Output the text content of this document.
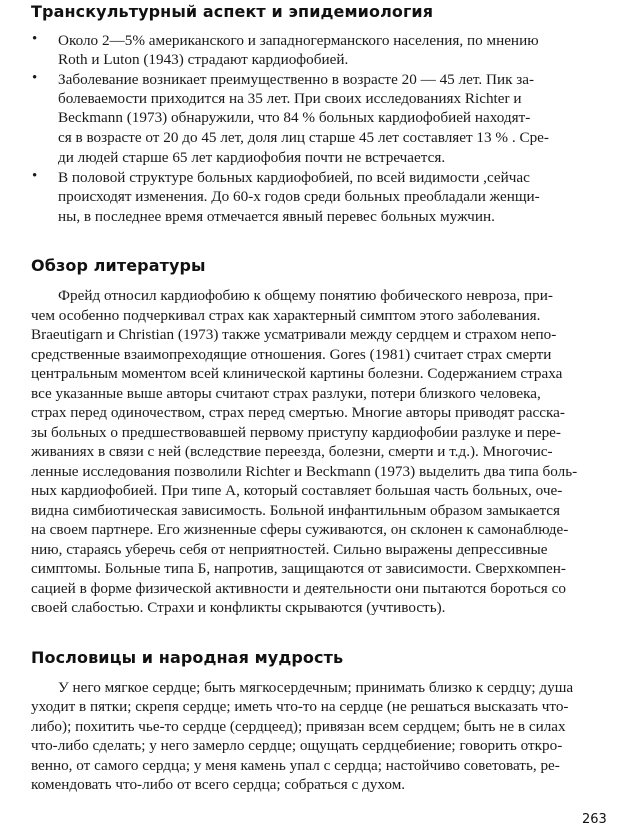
Транскультурный аспект и эпидемиология
• Около 2—5% американского и западногерманского населения, по мнению
Roth и Luton (1943) страдают кардиофобией.
• Заболевание возникает преимущественно в возрасте 20 — 45 лет. Пик за-
болеваемости приходится на 35 лет. При своих исследованиях Richter и
Beckmann (1973) обнаружили, что 84 % больных кардиофобией находят-
ся в возрасте от 20 до 45 лет, доля лиц старше 45 лет составляет 13 % . Сре-
ди людей старше 65 лет кардиофобия почти не встречается.
• В половой структуре больных кардиофобией, по всей видимости ,сейчас
происходят изменения. До 60-х годов среди больных преобладали женщи-
ны, в последнее время отмечается явный перевес больных мужчин.
Обзор литературы
Фрейд относил кардиофобию к общему понятию фобического невроза, при-
чем особенно подчеркивал страх как характерный симптом этого заболевания.
Braeutigarn и Christian (1973) также усматривали между сердцем и страхом непо-
средственные взаимопреходящие отношения. Gores (1981) считает страх смерти
центральным моментом всей клинической картины болезни. Содержанием страха
все указанные выше авторы считают страх разлуки, потери близкого человека,
страх перед одиночеством, страх перед смертью. Многие авторы приводят расска-
зы больных о предшествовавшей первому приступу кардиофобии разлуке и пере-
живаниях в связи с ней (вследствие переезда, болезни, смерти и т.д.). Многочис-
ленные исследования позволили Richter и Beckmann (1973) выделить два типа боль-
ных кардиофобией. При типе А, который составляет большая часть больных, оче-
видна симбиотическая зависимость. Больной инфантильным образом замыкается
на своем партнере. Его жизненные сферы суживаются, он склонен к самонаблюде-
нию, стараясь уберечь себя от неприятностей. Сильно выражены депрессивные
симптомы. Больные типа Б, напротив, защищаются от зависимости. Сверхкомпен-
сацией в форме физической активности и деятельности они пытаются бороться со
своей слабостью. Страхи и конфликты скрываются (учтивость).
Пословицы и народная мудрость
У него мягкое сердце; быть мягкосердечным; принимать близко к сердцу; душа
уходит в пятки; скрепя сердце; иметь что-то на сердце (не решаться высказать что-
либо); похитить чье-то сердце (сердцеед); привязан всем сердцем; быть не в силах
что-либо сделать; у него замерло сердце; ощущать сердцебиение; говорить откро-
венно, от самого сердца; у меня камень упал с сердца; настойчиво советовать, ре-
комендовать что-либо от всего сердца; собраться с духом.
263
